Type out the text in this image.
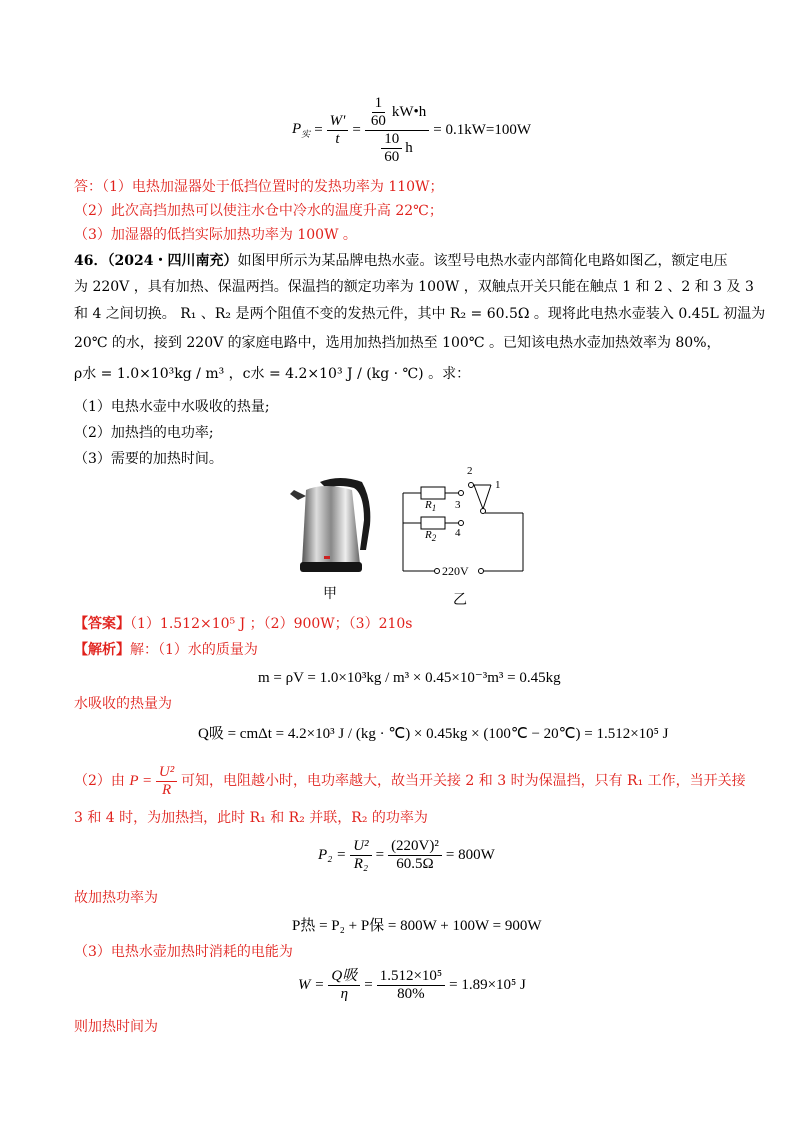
$P_实 = \frac{W'}{t} = \frac{\frac{1}{60} kW•h}{\frac{10}{60} h} = 0.1kW=100W$
答：（1）电热加湿器处于低挡位置时的发热功率为 110W；
（2）此次高挡加热可以使注水仓中冷水的温度升高 22℃；
（3）加湿器的低挡实际加热功率为 100W 。
46．（2024・四川南充）如图甲所示为某品牌电热水壶。该型号电热水壶内部简化电路如图乙，额定电压
为 220V ，具有加热、保温两挡。保温挡的额定功率为 100W ，双触点开关只能在触点 1 和 2 、2 和 3 及 3
和 4 之间切换。 R₁ 、R₂ 是两个阻值不变的发热元件，其中 R₂ = 60.5Ω 。现将此电热水壶装入 0.45L 初温为
20℃ 的水，接到 220V 的家庭电路中，选用加热挡加热至 100℃ 。已知该电热水壶加热效率为 80%，
ρ水 = 1.0×10³kg / m³ ，c水 = 4.2×10³ J / (kg · ℃) 。求：
（1）电热水壶中水吸收的热量;
（2）加热挡的电功率;
（3）需要的加热时间。
甲
$R_1$
$R_2$
3
4
2
1
220V
乙
【答案】（1）1.512×10⁵ J ；（2）900W；（3）210s
【解析】解：（1）水的质量为
m = ρV = 1.0×10³kg / m³ × 0.45×10⁻³m³ = 0.45kg
水吸收的热量为
Q吸 = cmΔt = 4.2×10³ J / (kg · ℃) × 0.45kg × (100℃ − 20℃) = 1.512×10⁵ J
（2）由 $P = \frac{\text{U²}}{R}$ 可知，电阻越小时，电功率越大，故当开关接 2 和 3 时为保温挡，只有 R₁ 工作，当开关接
3 和 4 时，为加热挡，此时 R₁ 和 R₂ 并联，R₂ 的功率为
$P_2 = \frac{\text{U²}}{\text{R₂}} = \frac{\text{(220V)²}}{60.5\Omega} = 800W$
故加热功率为
P热 = P₂ + P保 = 800W + 100W = 900W
（3）电热水壶加热时消耗的电能为
$W = \frac{\text{Q吸}}{\eta} = \frac{\text{1.512×10⁵}}{80\%} = 1.89\times 10^5$ J
则加热时间为
